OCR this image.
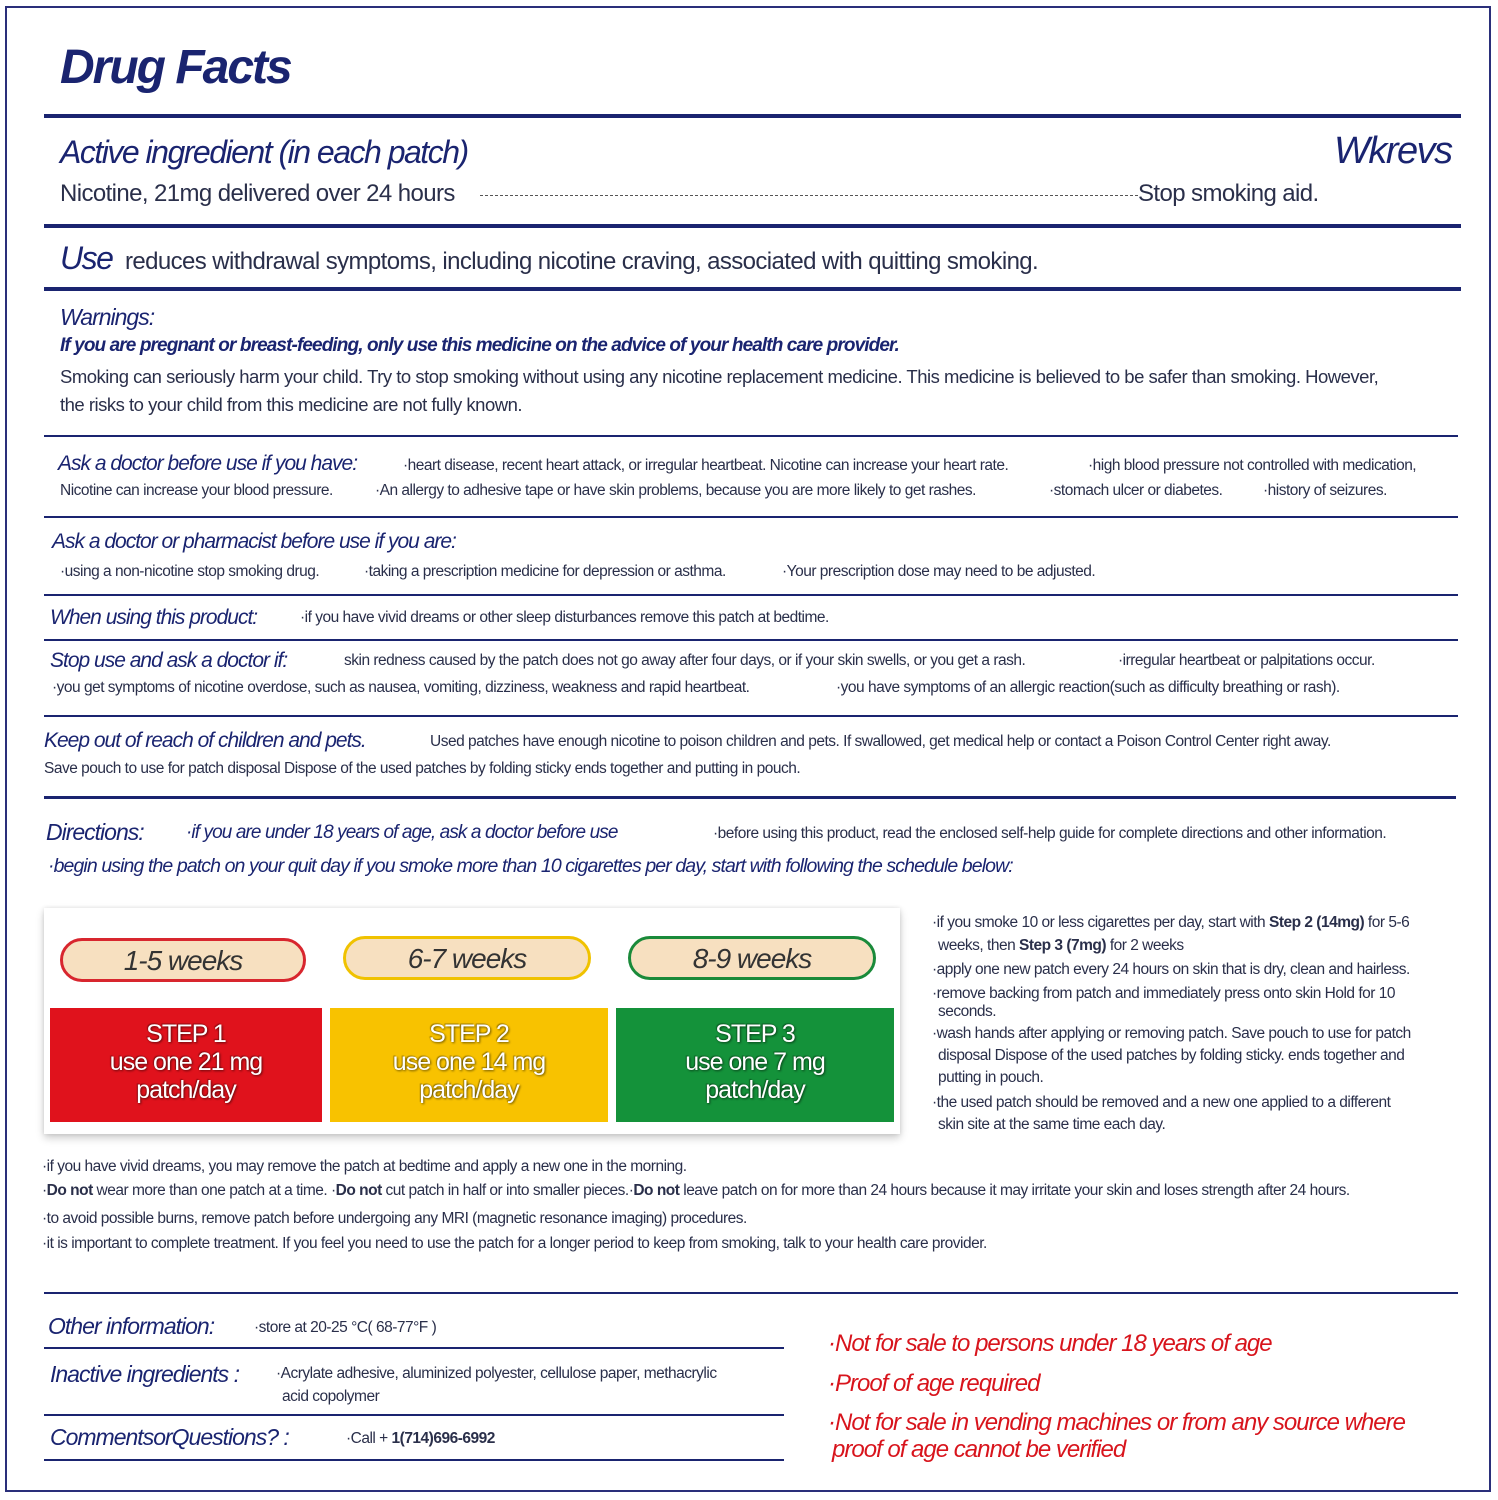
Drug Facts
Active ingredient (in each patch)	Wkrevs
Nicotine, 21mg delivered over 24 hours	Stop smoking aid.
Use reduces withdrawal symptoms, including nicotine craving, associated with quitting smoking.
Warnings:
If you are pregnant or breast-feeding, only use this medicine on the advice of your health care provider.
Smoking can seriously harm your child. Try to stop smoking without using any nicotine replacement medicine. This medicine is believed to be safer than smoking. However,
the risks to your child from this medicine are not fully known.
Ask a doctor before use if you have:	·heart disease, recent heart attack, or irregular heartbeat. Nicotine can increase your heart rate.	·high blood pressure not controlled with medication,
Nicotine can increase your blood pressure.	·An allergy to adhesive tape or have skin problems, because you are more likely to get rashes.	·stomach ulcer or diabetes.	·history of seizures.
Ask a doctor or pharmacist before use if you are:
·using a non-nicotine stop smoking drug.	·taking a prescription medicine for depression or asthma.	·Your prescription dose may need to be adjusted.
When using this product:	·if you have vivid dreams or other sleep disturbances remove this patch at bedtime.
Stop use and ask a doctor if:	skin redness caused by the patch does not go away after four days, or if your skin swells, or you get a rash.	·irregular heartbeat or palpitations occur.
·you get symptoms of nicotine overdose, such as nausea, vomiting, dizziness, weakness and rapid heartbeat.	·you have symptoms of an allergic reaction(such as difficulty breathing or rash).
Keep out of reach of children and pets.	Used patches have enough nicotine to poison children and pets. If swallowed, get medical help or contact a Poison Control Center right away.
Save pouch to use for patch disposal Dispose of the used patches by folding sticky ends together and putting in pouch.
Directions: ·if you are under 18 years of age, ask a doctor before use	·before using this product, read the enclosed self-help guide for complete directions and other information.
·begin using the patch on your quit day if you smoke more than 10 cigarettes per day, start with following the schedule below:
1-5 weeks	6-7 weeks	8-9 weeks
STEP 1
use one 21 mg
patch/day
STEP 2
use one 14 mg
patch/day
STEP 3
use one 7 mg
patch/day
·if you smoke 10 or less cigarettes per day, start with Step 2 (14mg) for 5-6
weeks, then Step 3 (7mg) for 2 weeks
·apply one new patch every 24 hours on skin that is dry, clean and hairless.
·remove backing from patch and immediately press onto skin Hold for 10
seconds.
·wash hands after applying or removing patch. Save pouch to use for patch
disposal Dispose of the used patches by folding sticky. ends together and
putting in pouch.
·the used patch should be removed and a new one applied to a different
skin site at the same time each day.
·if you have vivid dreams, you may remove the patch at bedtime and apply a new one in the morning.
·Do not wear more than one patch at a time. ·Do not cut patch in half or into smaller pieces.·Do not leave patch on for more than 24 hours because it may irritate your skin and loses strength after 24 hours.
·to avoid possible burns, remove patch before undergoing any MRI (magnetic resonance imaging) procedures.
·it is important to complete treatment. If you feel you need to use the patch for a longer period to keep from smoking, talk to your health care provider.
Other information:	·store at 20-25 °C( 68-77°F )
Inactive ingredients : ·Acrylate adhesive, aluminized polyester, cellulose paper, methacrylic
acid copolymer
CommentsorQuestions? :	·Call + 1(714)696-6992
·Not for sale to persons under 18 years of age
·Proof of age required
·Not for sale in vending machines or from any source where
proof of age cannot be verified
